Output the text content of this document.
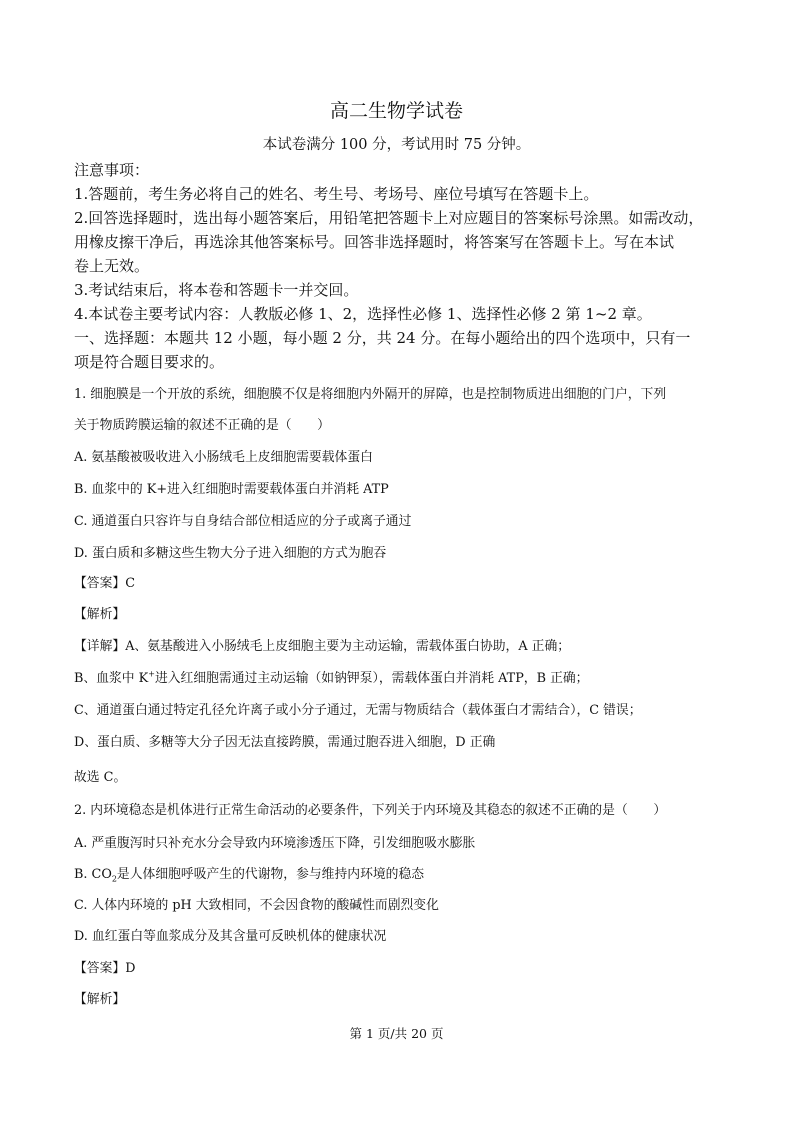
高二生物学试卷
本试卷满分 100 分，考试用时 75 分钟。

注意事项：

1.答题前，考生务必将自己的姓名、考生号、考场号、座位号填写在答题卡上。

2.回答选择题时，选出每小题答案后，用铅笔把答题卡上对应题目的答案标号涂黑。如需改动，

用橡皮擦干净后，再选涂其他答案标号。回答非选择题时，将答案写在答题卡上。写在本试

卷上无效。

3.考试结束后，将本卷和答题卡一并交回。

4.本试卷主要考试内容：人教版必修 1、2，选择性必修 1、选择性必修 2 第 1~2 章。

一、选择题：本题共 12 小题，每小题 2 分，共 24 分。在每小题给出的四个选项中，只有一

项是符合题目要求的。

1. 细胞膜是一个开放的系统，细胞膜不仅是将细胞内外隔开的屏障，也是控制物质进出细胞的门户，下列

关于物质跨膜运输的叙述不正确的是（　　）

A. 氨基酸被吸收进入小肠绒毛上皮细胞需要载体蛋白

B. 血浆中的 K+进入红细胞时需要载体蛋白并消耗 ATP

C. 通道蛋白只容许与自身结合部位相适应的分子或离子通过

D. 蛋白质和多糖这些生物大分子进入细胞的方式为胞吞

【答案】C

【解析】

【详解】A、氨基酸进入小肠绒毛上皮细胞主要为主动运输，需载体蛋白协助，A 正确；

B、血浆中 K+进入红细胞需通过主动运输（如钠钾泵），需载体蛋白并消耗 ATP，B 正确；

C、通道蛋白通过特定孔径允许离子或小分子通过，无需与物质结合（载体蛋白才需结合），C 错误；

D、蛋白质、多糖等大分子因无法直接跨膜，需通过胞吞进入细胞，D 正确

故选 C。

2. 内环境稳态是机体进行正常生命活动的必要条件，下列关于内环境及其稳态的叙述不正确的是（　　）

A. 严重腹泻时只补充水分会导致内环境渗透压下降，引发细胞吸水膨胀

B. $CO_2$是人体细胞呼吸产生的代谢物，参与维持内环境的稳态

C. 人体内环境的 pH 大致相同，不会因食物的酸碱性而剧烈变化

D. 血红蛋白等血浆成分及其含量可反映机体的健康状况

【答案】D

【解析】

第 1 页/共 20 页
